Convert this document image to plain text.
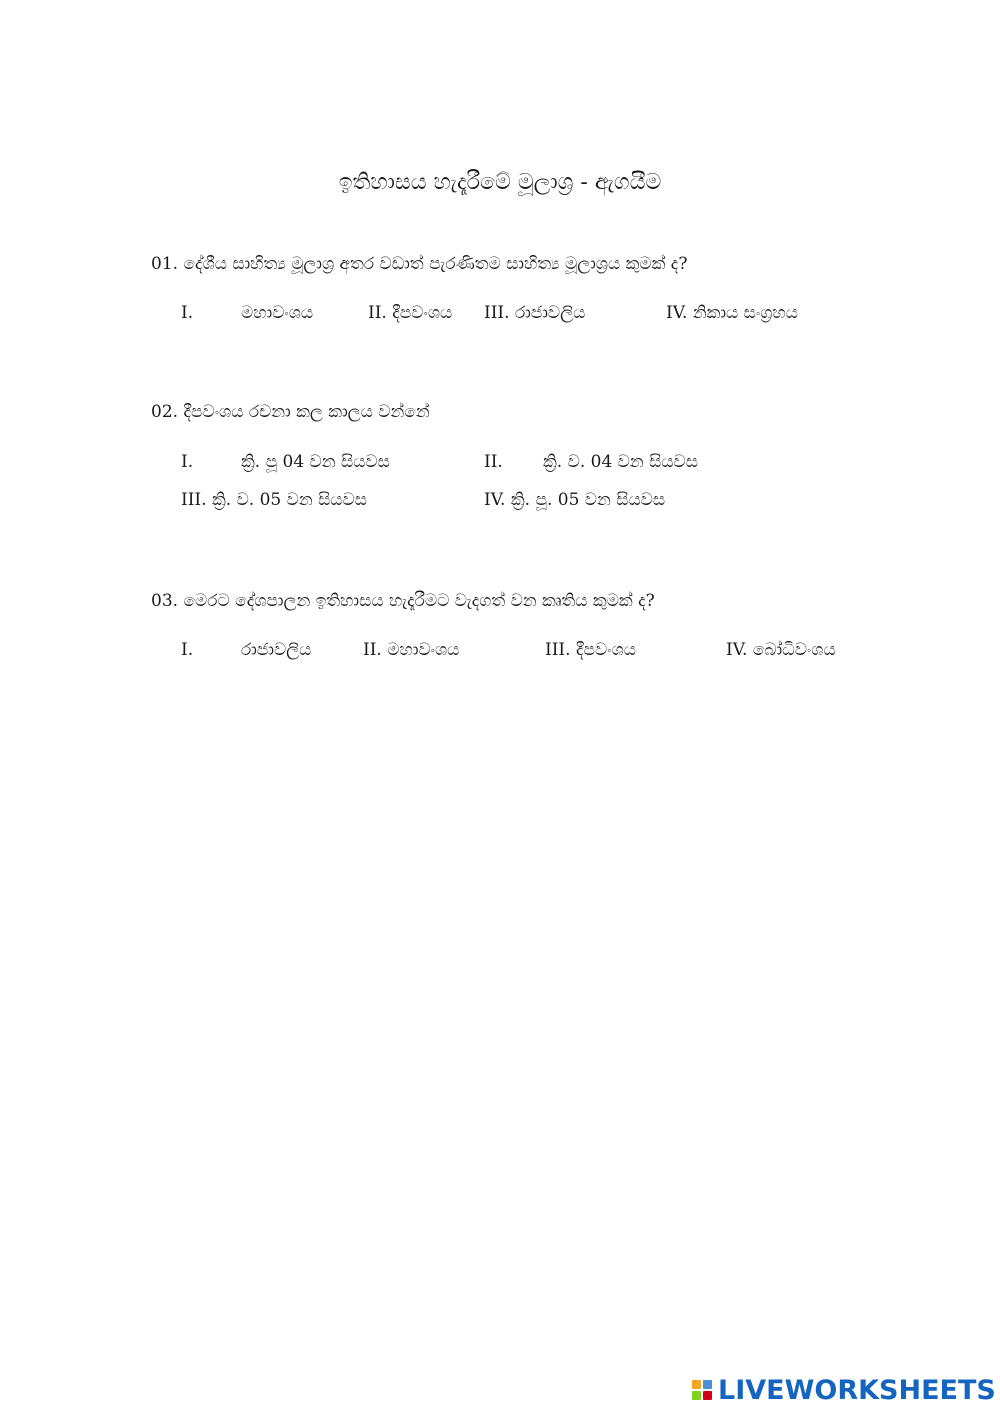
ඉතිහාසය හැදෑරීමේ මූලාශ්‍ර - ඇගයීම
01. දේශීය සාහිත්‍ය මූලාශ්‍ර අතර වඩාත් පැරණිතම සාහිත්‍ය මූලාශ්‍රය කුමක් ද?
I.	මහාවංශය	II. දීපවංශය III. රාජාවලිය	IV. නිකාය සංග්‍රහය
02. දීපවංශය රචනා කල කාලය වන්නේ
I.	ක්‍රි. පූ 04 වන සියවස	II. ක්‍රි. ව. 04 වන සියවස
III. ක්‍රි. ව. 05 වන සියවස	IV. ක්‍රි. පූ. 05 වන සියවස
03. මෙරට දේශපාලන ඉතිහාසය හැදෑරීමට වැදගත් වන කෘතිය කුමක් ද?
I.	රාජාවලිය	II. මහාවංශය	III. දීපවංශය	IV. බෝධිවංශය
LIVEWORKSHEETS
